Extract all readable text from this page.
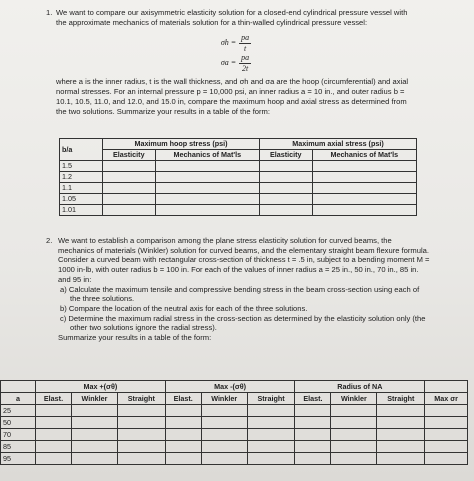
1. We want to compare our axisymmetric elasticity solution for a closed-end cylindrical pressure vessel with the approximate mechanics of materials solution for a thin-walled cylindrical pressure vessel:
$\sigma h = \frac{pa}{t}$
$\sigma a = \frac{pa}{2t}$
where a is the inner radius, t is the wall thickness, and σh and σa are the hoop (circumferential) and axial normal stresses. For an internal pressure p = 10,000 psi, an inner radius a = 10 in., and outer radius b = 10.1, 10.5, 11.0, and 12.0, and 15.0 in, compare the maximum hoop and axial stress as determined from the two solutions. Summarize your results in a table of the form:
b/a	Maximum hoop stress (psi)		Maximum axial stress (psi)	
	Elasticity	Mechanics of Mat'ls	Elasticity	Mechanics of Mat'ls
1.5				
1.2				
1.1				
1.05				
1.01				
2. We want to establish a comparison among the plane stress elasticity solution for curved beams, the mechanics of materials (Winkler) solution for curved beams, and the elementary straight beam flexure formula. Consider a curved beam with rectangular cross-section of thickness t = .5 in, subject to a bending moment M = 1000 in-lb, with outer radius b = 100 in. For each of the values of inner radius a = 25 in., 50 in., 70 in., 85 in. and 95 in:
a) Calculate the maximum tensile and compressive bending stress in the beam cross-section using each of the three solutions.
b) Compare the location of the neutral axis for each of the three solutions.
c) Determine the maximum radial stress in the cross-section as determined by the elasticity solution only (the other two solutions ignore the radial stress).
Summarize your results in a table of the form:
	Max +(σθ)			Max -(σθ)			Radius of NA			
a	Elast.	Winkler	Straight	Elast.	Winkler	Straight	Elast.	Winkler	Straight	Max σr
25										
50										
70										
85										
95										
